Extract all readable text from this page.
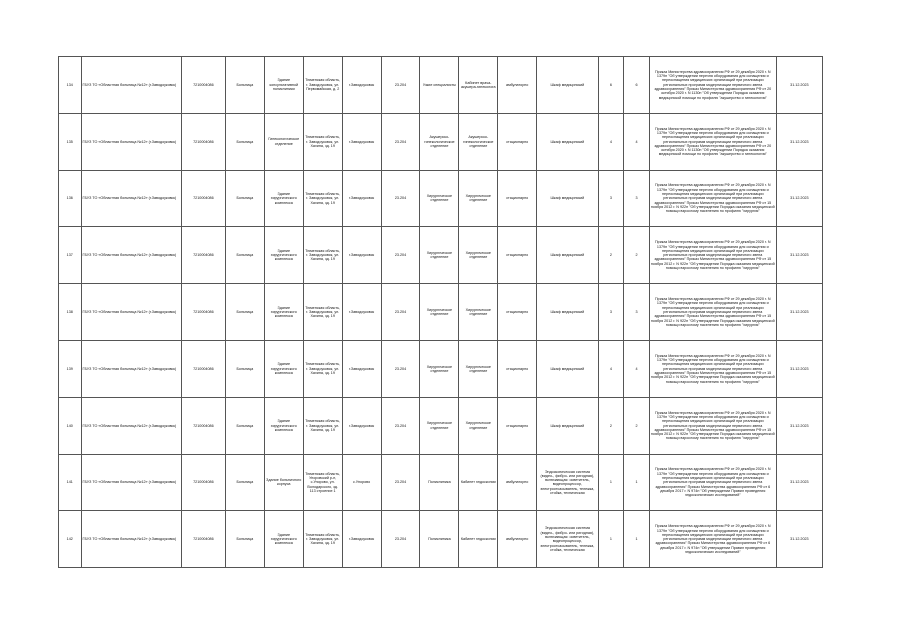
134	ГБУЗ ТО «Областная больница №12» (г.Заводоуковск)	7210004086	Больница	Здание консультативной поликлиники	Тюменская область, г. Заводоуковск, ул. Первомайская, д. 2	г.Заводоуковск	23.204	Узкие специалисты	Кабинет врача-акушера-гинеколога	амбулаторно	Шкаф медицинский	6	6	Приказ Министерства здравоохранения РФ от 29 декабря 2020 г. N 1379н "Об утверждении перечня оборудования для оснащения и переоснащения медицинских организаций при реализации региональных программ модернизации первичного звена здравоохранения" Приказ Министерства здравоохранения РФ от 20 октября 2020 г. N 1130н "Об утверждении Порядка оказания медицинской помощи по профилю "акушерство и гинекология"	31.12.2023
135	ГБУЗ ТО «Областная больница №12» (г.Заводоуковск)	7210004086	Больница	Гинекологическое отделение	Тюменская область, г. Заводоуковск, ул. Хахина, зд. 19	г.Заводоуковск	23.204	Акушерско-гинекологическое отделение	Акушерско-гинекологическое отделение	стационарно	Шкаф медицинский	4	4	Приказ Министерства здравоохранения РФ от 29 декабря 2020 г. N 1379н "Об утверждении перечня оборудования для оснащения и переоснащения медицинских организаций при реализации региональных программ модернизации первичного звена здравоохранения" Приказ Министерства здравоохранения РФ от 20 октября 2020 г. N 1130н "Об утверждении Порядка оказания медицинской помощи по профилю "акушерство и гинекология"	31.12.2023
136	ГБУЗ ТО «Областная больница №12» (г.Заводоуковск)	7210004086	Больница	Здание хирургического комплекса	Тюменская область, г. Заводоуковск, ул. Хахина, зд. 19	г.Заводоуковск	23.204	Хирургическое отделение	Хирургическое отделение	стационарно	Шкаф медицинский	3	3	Приказ Министерства здравоохранения РФ от 29 декабря 2020 г. N 1379н "Об утверждении перечня оборудования для оснащения и переоснащения медицинских организаций при реализации региональных программ модернизации первичного звена здравоохранения" Приказ Министерства здравоохранения РФ от 15 ноября 2012 г. N 922н "Об утверждении Порядка оказания медицинской помощи взрослому населению по профилю "хирургия"	31.12.2023
137	ГБУЗ ТО «Областная больница №12» (г.Заводоуковск)	7210004086	Больница	Здание хирургического комплекса	Тюменская область, г. Заводоуковск, ул. Хахина, зд. 19	г.Заводоуковск	23.204	Хирургическое отделение	Хирургическое отделение	стационарно	Шкаф медицинский	2	2	Приказ Министерства здравоохранения РФ от 29 декабря 2020 г. N 1379н "Об утверждении перечня оборудования для оснащения и переоснащения медицинских организаций при реализации региональных программ модернизации первичного звена здравоохранения" Приказ Министерства здравоохранения РФ от 15 ноября 2012 г. N 922н "Об утверждении Порядка оказания медицинской помощи взрослому населению по профилю "хирургия"	31.12.2023
138	ГБУЗ ТО «Областная больница №12» (г.Заводоуковск)	7210004086	Больница	Здание хирургического комплекса	Тюменская область, г. Заводоуковск, ул. Хахина, зд. 19	г.Заводоуковск	23.204	Хирургическое отделение	Хирургическое отделение	стационарно	Шкаф медицинский	3	3	Приказ Министерства здравоохранения РФ от 29 декабря 2020 г. N 1379н "Об утверждении перечня оборудования для оснащения и переоснащения медицинских организаций при реализации региональных программ модернизации первичного звена здравоохранения" Приказ Министерства здравоохранения РФ от 15 ноября 2012 г. N 922н "Об утверждении Порядка оказания медицинской помощи взрослому населению по профилю "хирургия"	31.12.2023
139	ГБУЗ ТО «Областная больница №12» (г.Заводоуковск)	7210004086	Больница	Здание хирургического комплекса	Тюменская область, г. Заводоуковск, ул. Хахина, зд. 19	г.Заводоуковск	23.204	Хирургическое отделение	Хирургическое отделение	стационарно	Шкаф медицинский	4	4	Приказ Министерства здравоохранения РФ от 29 декабря 2020 г. N 1379н "Об утверждении перечня оборудования для оснащения и переоснащения медицинских организаций при реализации региональных программ модернизации первичного звена здравоохранения" Приказ Министерства здравоохранения РФ от 15 ноября 2012 г. N 922н "Об утверждении Порядка оказания медицинской помощи взрослому населению по профилю "хирургия"	31.12.2023
140	ГБУЗ ТО «Областная больница №12» (г.Заводоуковск)	7210004086	Больница	Здание хирургического комплекса	Тюменская область, г. Заводоуковск, ул. Хахина, зд. 19	г.Заводоуковск	23.204	Хирургическое отделение	Хирургическое отделение	стационарно	Шкаф медицинский	2	2	Приказ Министерства здравоохранения РФ от 29 декабря 2020 г. N 1379н "Об утверждении перечня оборудования для оснащения и переоснащения медицинских организаций при реализации региональных программ модернизации первичного звена здравоохранения" Приказ Министерства здравоохранения РФ от 15 ноября 2012 г. N 922н "Об утверждении Порядка оказания медицинской помощи взрослому населению по профилю "хирургия"	31.12.2023
141	ГБУЗ ТО «Областная больница №12» (г.Заводоуковск)	7210004086	Больница	Здание больничного корпуса	Тюменская область, Упоровский р-н, с.Упорово, ул. Володарского, зд. 113 строение 1	с.Упорово	23.204	Поликлиника	Кабинет эндоскопии	амбулаторно	Эндоскопическая система (видео-, фибро- или ригидная), включающая: осветитель, видеопроцессор, электроотсасыватель, тележка, стойка, техническая	1	1	Приказ Министерства здравоохранения РФ от 29 декабря 2020 г. N 1379н "Об утверждении перечня оборудования для оснащения и переоснащения медицинских организаций при реализации региональных программ модернизации первичного звена здравоохранения" Приказ Министерства здравоохранения РФ от 6 декабря 2017 г. N 974н "Об утверждении Правил проведения эндоскопических исследований"	31.12.2023
142	ГБУЗ ТО «Областная больница №12» (г.Заводоуковск)	7210004086	Больница	Здание хирургического комплекса	Тюменская область, г. Заводоуковск, ул. Хахина, зд. 19	г.Заводоуковск	23.204	Поликлиника	Кабинет эндоскопии	амбулаторно	Эндоскопическая система (видео-, фибро- или ригидная), включающая: осветитель, видеопроцессор, электроотсасыватель, тележка, стойка, техническая	1	1	Приказ Министерства здравоохранения РФ от 29 декабря 2020 г. N 1379н "Об утверждении перечня оборудования для оснащения и переоснащения медицинских организаций при реализации региональных программ модернизации первичного звена здравоохранения" Приказ Министерства здравоохранения РФ от 6 декабря 2017 г. N 974н "Об утверждении Правил проведения эндоскопических исследований"	31.12.2023
